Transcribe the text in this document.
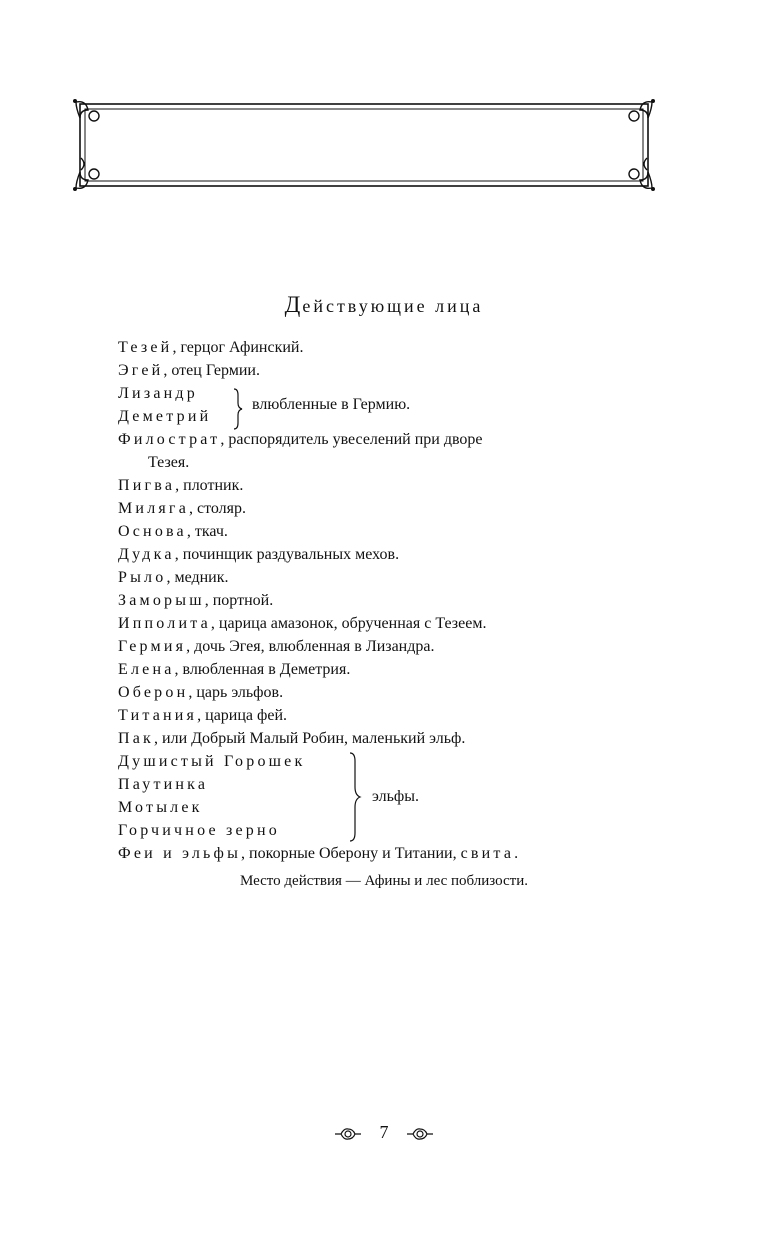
Действующие лица
Тезей, герцог Афинский.
Эгей, отец Гермии.
Лизандр
Деметрий
влюбленные в Гермию.
Филострат, распорядитель увеселений при дворе
Тезея.
Пигва, плотник.
Миляга, столяр.
Основа, ткач.
Дудка, починщик раздувальных мехов.
Рыло, медник.
Заморыш, портной.
Ипполита, царица амазонок, обрученная с Тезеем.
Гермия, дочь Эгея, влюбленная в Лизандра.
Елена, влюбленная в Деметрия.
Оберон, царь эльфов.
Титания, царица фей.
Пак, или Добрый Малый Робин, маленький эльф.
Душистый Горошек
Паутинка
Мотылек
Горчичное зерно
эльфы.
Феи и эльфы, покорные Оберону и Титании, свита.
Место действия — Афины и лес поблизости.
7
